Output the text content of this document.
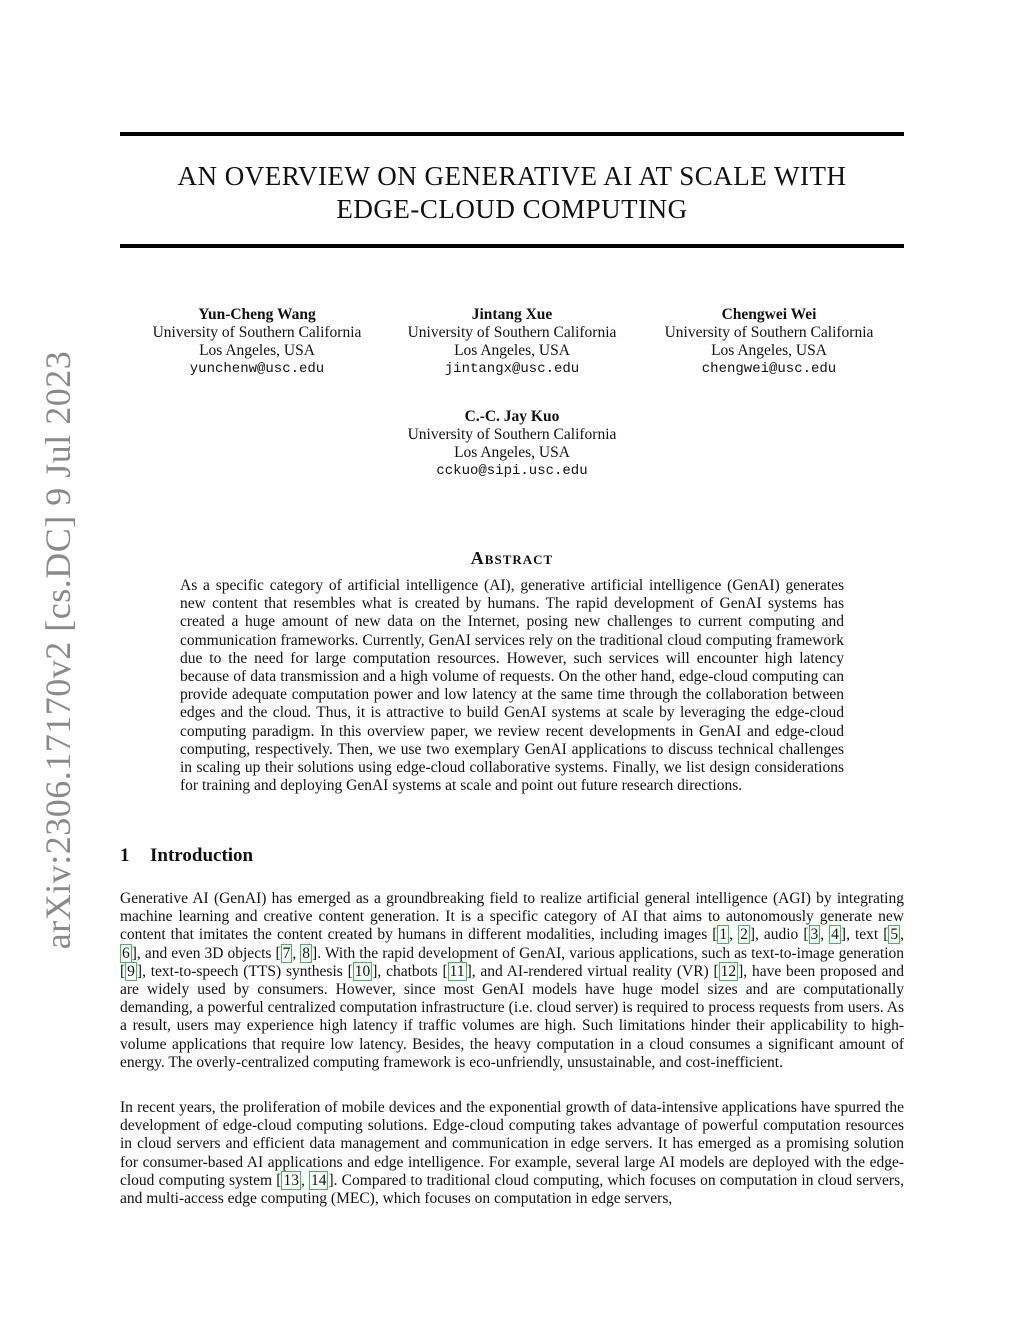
arXiv:2306.17170v2 [cs.DC] 9 Jul 2023
AN OVERVIEW ON GENERATIVE AI AT SCALE WITH
EDGE-CLOUD COMPUTING
Yun-Cheng Wang
University of Southern California
Los Angeles, USA
yunchenw@usc.edu
Jintang Xue
University of Southern California
Los Angeles, USA
jintangx@usc.edu
Chengwei Wei
University of Southern California
Los Angeles, USA
chengwei@usc.edu
C.-C. Jay Kuo
University of Southern California
Los Angeles, USA
cckuo@sipi.usc.edu
Abstract
As a specific category of artificial intelligence (AI), generative artificial intelligence (GenAI) generates new content that resembles what is created by humans. The rapid development of GenAI systems has created a huge amount of new data on the Internet, posing new challenges to current computing and communication frameworks. Currently, GenAI services rely on the traditional cloud computing framework due to the need for large computation resources. However, such services will encounter high latency because of data transmission and a high volume of requests. On the other hand, edge-cloud computing can provide adequate computation power and low latency at the same time through the collaboration between edges and the cloud. Thus, it is attractive to build GenAI systems at scale by leveraging the edge-cloud computing paradigm. In this overview paper, we review recent developments in GenAI and edge-cloud computing, respectively. Then, we use two exemplary GenAI applications to discuss technical challenges in scaling up their solutions using edge-cloud collaborative systems. Finally, we list design considerations for training and deploying GenAI systems at scale and point out future research directions.
1 Introduction

Generative AI (GenAI) has emerged as a groundbreaking field to realize artificial general intelligence (AGI) by integrating machine learning and creative content generation. It is a specific category of AI that aims to autonomously generate new content that imitates the content created by humans in different modalities, including images [ 1 , 2 ], audio [ 3 , 4 ], text [ 5 , 6 ], and even 3D objects [ 7 , 8 ]. With the rapid development of GenAI, various applications, such as text-to-image generation [ 9 ], text-to-speech (TTS) synthesis [ 10 ], chatbots [ 11 ], and AI-rendered virtual reality (VR) [ 12 ], have been proposed and are widely used by consumers. However, since most GenAI models have huge model sizes and are computationally demanding, a powerful centralized computation infrastructure (i.e. cloud server) is required to process requests from users. As a result, users may experience high latency if traffic volumes are high. Such limitations hinder their applicability to high-volume applications that require low latency. Besides, the heavy computation in a cloud consumes a significant amount of energy. The overly-centralized computing framework is eco-unfriendly, unsustainable, and cost-inefficient.

In recent years, the proliferation of mobile devices and the exponential growth of data-intensive applications have spurred the development of edge-cloud computing solutions. Edge-cloud computing takes advantage of powerful computation resources in cloud servers and efficient data management and communication in edge servers. It has emerged as a promising solution for consumer-based AI applications and edge intelligence. For example, several large AI models are deployed with the edge-cloud computing system [ 13 , 14 ]. Compared to traditional cloud computing, which focuses on computation in cloud servers, and multi-access edge computing (MEC), which focuses on computation in edge servers,
